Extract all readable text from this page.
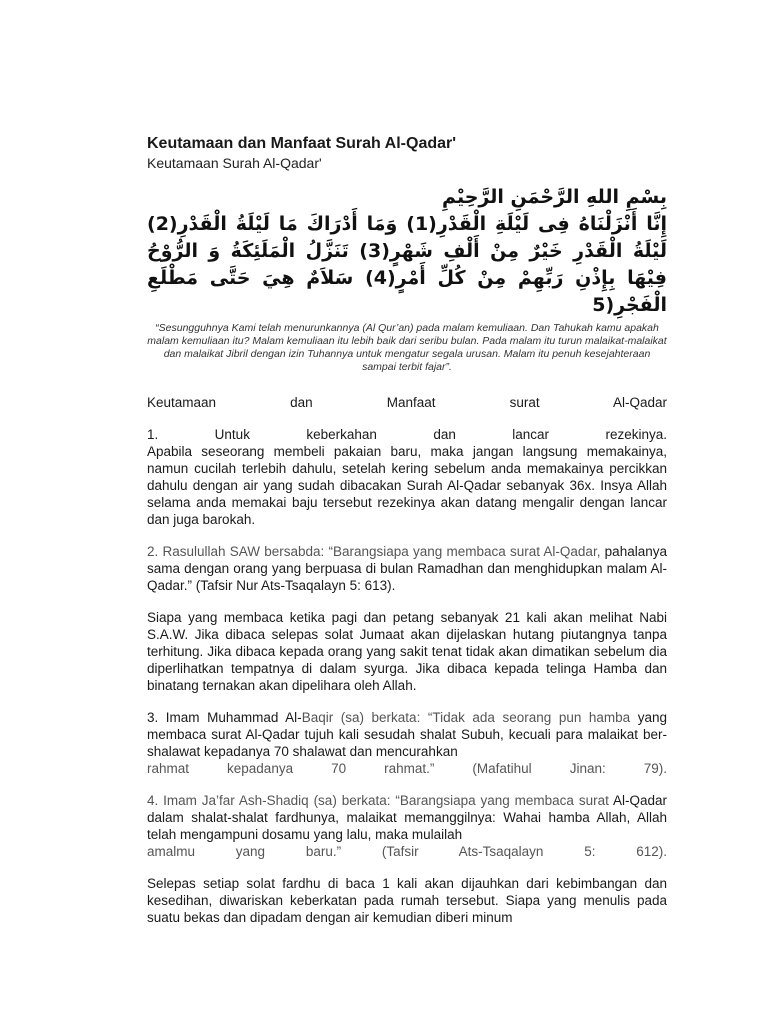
Keutamaan dan Manfaat Surah Al-Qadar'
Keutamaan Surah Al-Qadar'

بِسْمِ اللهِ الرَّحْمَنِ الرَّحِيْمِ

إِنَّا أَنْزَلْنَاهُ فِى لَيْلَةِ الْقَدْرِ(1) وَمَا أَدْرَاكَ مَا لَيْلَةُ الْقَدْرِ(2) لَيْلَةُ الْقَدْرِ خَيْرٌ مِنْ أَلْفِ شَهْرٍ(3) تَنَزَّلُ الْمَلَئِكَةُ وَ الرُّوْحُ فِيْهَا بِإِذْنِ رَبِّهِمْ مِنْ كُلِّ أَمْرٍ(4) سَلاَمٌ هِيَ حَتَّى مَطْلَعِ الْفَجْرِ(5

“Sesungguhnya Kami telah menurunkannya (Al Qur’an) pada malam kemuliaan. Dan Tahukah kamu apakah malam kemuliaan itu? Malam kemuliaan itu lebih baik dari seribu bulan. Pada malam itu turun malaikat-malaikat dan malaikat Jibril dengan izin Tuhannya untuk mengatur segala urusan. Malam itu penuh kesejahteraan sampai terbit fajar”.

Keutamaan dan Manfaat surat Al-Qadar

1. Untuk keberkahan dan lancar rezekinya.
Apabila seseorang membeli pakaian baru, maka jangan langsung memakainya, namun cucilah terlebih dahulu, setelah kering sebelum anda memakainya percikkan dahulu dengan air yang sudah dibacakan Surah Al-Qadar sebanyak 36x. Insya Allah selama anda memakai baju tersebut rezekinya akan datang mengalir dengan lancar dan juga barokah.

2. Rasulullah SAW bersabda: “Barangsiapa yang membaca surat Al-Qadar, pahalanya sama dengan orang yang berpuasa di bulan Ramadhan dan menghidupkan malam Al-Qadar.” (Tafsir Nur Ats-Tsaqalayn 5: 613).

Siapa yang membaca ketika pagi dan petang sebanyak 21 kali akan melihat Nabi S.A.W. Jika dibaca selepas solat Jumaat akan dijelaskan hutang piutangnya tanpa terhitung. Jika dibaca kepada orang yang sakit tenat tidak akan dimatikan sebelum dia diperlihatkan tempatnya di dalam syurga. Jika dibaca kepada telinga Hamba dan binatang ternakan akan dipelihara oleh Allah.

3. Imam Muhammad Al-Baqir (sa) berkata: “Tidak ada seorang pun hamba yang membaca surat Al-Qadar tujuh kali sesudah shalat Subuh, kecuali para malaikat ber-shalawat kepadanya 70 shalawat dan mencurahkan
rahmat kepadanya 70 rahmat.” (Mafatihul Jinan: 79).

4. Imam Ja’far Ash-Shadiq (sa) berkata: “Barangsiapa yang membaca surat Al-Qadar dalam shalat-shalat fardhunya, malaikat memanggilnya: Wahai hamba Allah, Allah telah mengampuni dosamu yang lalu, maka mulailah
amalmu yang baru.” (Tafsir Ats-Tsaqalayn 5: 612).

Selepas setiap solat fardhu di baca 1 kali akan dijauhkan dari kebimbangan dan kesedihan, diwariskan keberkatan pada rumah tersebut. Siapa yang menulis pada suatu bekas dan dipadam dengan air kemudian diberi minum
